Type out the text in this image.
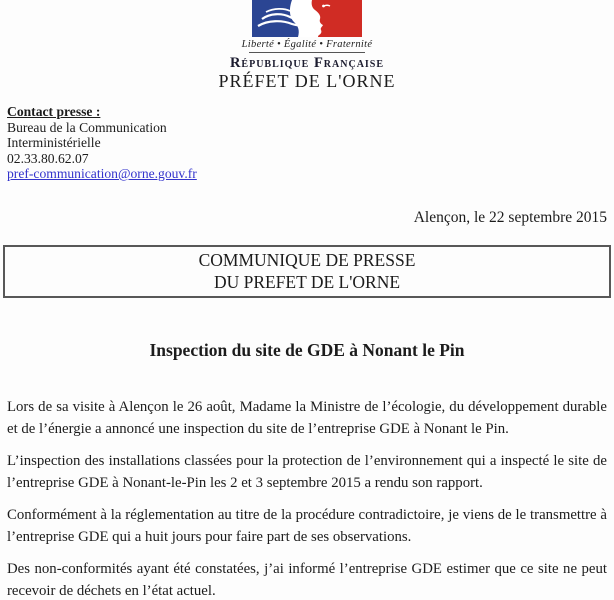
Liberté • Égalité • Fraternité
République Française
PRÉFET DE L'ORNE
Contact presse :
Bureau de la Communication
Interministérielle
02.33.80.62.07
pref-communication@orne.gouv.fr
Alençon, le 22 septembre 2015
COMMUNIQUE DE PRESSE
DU PREFET DE L'ORNE
Inspection du site de GDE à Nonant le Pin

Lors de sa visite à Alençon le 26 août, Madame la Ministre de l’écologie, du développement durable et de l’énergie a annoncé une inspection du site de l’entreprise GDE à Nonant le Pin.

L’inspection des installations classées pour la protection de l’environnement qui a inspecté le site de l’entreprise GDE à Nonant-le-Pin les 2 et 3 septembre 2015 a rendu son rapport.

Conformément à la réglementation au titre de la procédure contradictoire, je viens de le transmettre à l’entreprise GDE qui a huit jours pour faire part de ses observations.

Des non-conformités ayant été constatées, j’ai informé l’entreprise GDE estimer que ce site ne peut recevoir de déchets en l’état actuel.
